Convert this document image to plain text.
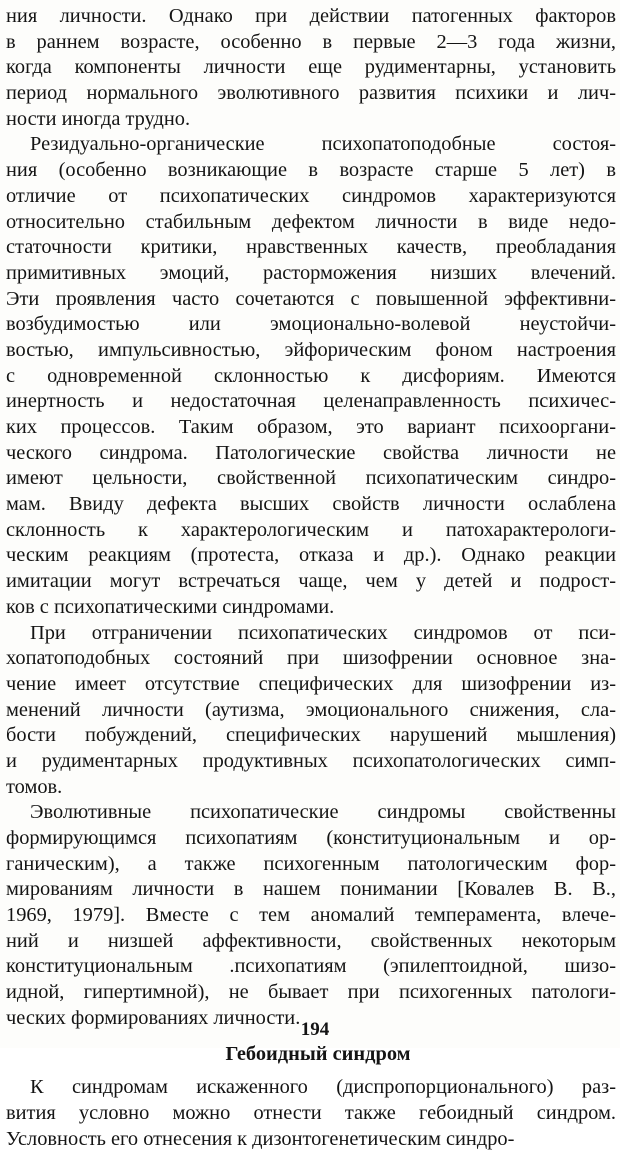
ния личности. Однако при действии патогенных факторов
в раннем возрасте, особенно в первые 2—3 года жизни,
когда компоненты личности еще рудиментарны, установить
период нормального эволютивного развития психики и лич-
ности иногда трудно.
Резидуально-органические психопатоподобные состоя-
ния (особенно возникающие в возрасте старше 5 лет) в
отличие от психопатических синдромов характеризуются
относительно стабильным дефектом личности в виде недо-
статочности критики, нравственных качеств, преобладания
примитивных эмоций, расторможения низших влечений.
Эти проявления часто сочетаются с повышенной эффективни-
возбудимостью или эмоционально-волевой неустойчи-
востью, импульсивностью, эйфорическим фоном настроения
с одновременной склонностью к дисфориям. Имеются
инертность и недостаточная целенаправленность психичес-
ких процессов. Таким образом, это вариант психооргани-
ческого синдрома. Патологические свойства личности не
имеют цельности, свойственной психопатическим синдро-
мам. Ввиду дефекта высших свойств личности ослаблена
склонность к характерологическим и патохарактерологи-
ческим реакциям (протеста, отказа и др.). Однако реакции
имитации могут встречаться чаще, чем у детей и подрост-
ков с психопатическими синдромами.
При отграничении психопатических синдромов от пси-
хопатоподобных состояний при шизофрении основное зна-
чение имеет отсутствие специфических для шизофрении из-
менений личности (аутизма, эмоционального снижения, сла-
бости побуждений, специфических нарушений мышления)
и рудиментарных продуктивных психопатологических симп-
томов.
Эволютивные психопатические синдромы свойственны
формирующимся психопатиям (конституциональным и ор-
ганическим), а также психогенным патологическим фор-
мированиям личности в нашем понимании [Ковалев В. В.,
1969, 1979]. Вместе с тем аномалий темперамента, влече-
ний и низшей аффективности, свойственных некоторым
конституциональным .психопатиям (эпилептоидной, шизо-
идной, гипертимной), не бывает при психогенных патологи-
ческих формированиях личности.
Гебоидный синдром
К синдромам искаженного (диспропорционального) раз-
вития условно можно отнести также гебоидный синдром.
Условность его отнесения к дизонтогенетическим синдро-
194
